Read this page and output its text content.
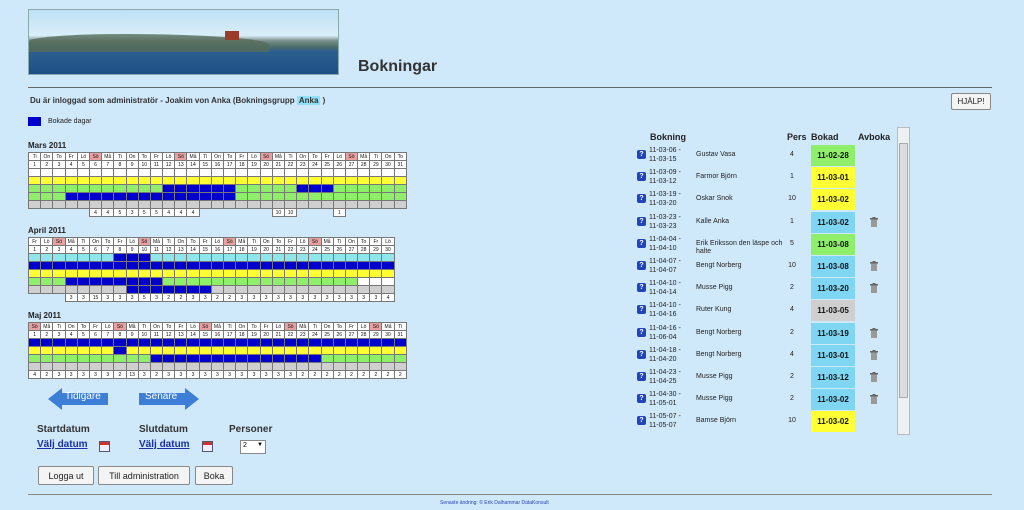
Bokningar
Du är inloggad som administratör - Joakim von Anka (Bokningsgrupp Anka )	HJÄLP!
Bokade dagar
Mars 2011
Ti	On	To	Fr	Lö	Sö	Må	Ti	On	To	Fr	Lö	Sö	Må	Ti	On	To	Fr	Lö	Sö	Må	Ti	On	To	Fr	Lö	Sö	Må	Ti	On	To
1	2	3	4	5	6	7	8	9	10	11	12	13	14	15	16	17	18	19	20	21	22	23	24	25	26	27	28	29	30	31

					4	4	5	3	5	5	4	4	4							10	10				1					
April 2011
Fr	Lö	Sö	Må	Ti	On	To	Fr	Lö	Sö	Må	Ti	On	To	Fr	Lö	Sö	Må	Ti	On	To	Fr	Lö	Sö	Må	Ti	On	To	Fr	Lö
1	2	3	4	5	6	7	8	9	10	11	12	13	14	15	16	17	18	19	20	21	22	23	24	25	26	27	28	29	30

			3	3	15	3	3	3	5	3	2	2	3	3	2	2	3	3	3	3	3	3	3	3	3	3	3	3	4
Maj 2011
Sö	Må	Ti	On	To	Fr	Lö	Sö	Må	Ti	On	To	Fr	Lö	Sö	Må	Ti	On	To	Fr	Lö	Sö	Må	Ti	On	To	Fr	Lö	Sö	Må	Ti
1	2	3	4	5	6	7	8	9	10	11	12	13	14	15	16	17	18	19	20	21	22	23	24	25	26	27	28	29	30	31

4	2	3	3	3	3	3	2	13	3	2	3	3	3	3	3	3	3	3	3	3	3	2	2	2	2	2	2	2	2	2
Tidigare	Senare
Startdatum	Slutdatum	Personer
Välj datum	Välj datum	2 ▼
Logga ut	Till administration	Boka
Bokning	Pers Bokad Avboka
?
11-03-06 -
11-03-15
Gustav Vasa	4	11-02-28
?
11-03-09 -
11-03-12
Farmor Björn	1	11-03-01
?
11-03-19 -
11-03-20
Oskar Snok	10	11-03-02
?
11-03-23 -
11-03-23
Kalle Anka	1	11-03-02
?
11-04-04 -
11-04-10
Erik Eriksson den läspe och halte
5	11-03-08
?
11-04-07 -
11-04-07
Bengt Norberg	10	11-03-08
?
11-04-10 -
11-04-14
Musse Pigg	2	11-03-20
?
11-04-10 -
11-04-16
Ruter Kung	4	11-03-05
?
11-04-16 -
11-06-04
Bengt Norberg	2	11-03-19
?
11-04-18 -
11-04-20
Bengt Norberg	4	11-03-01
?
11-04-23 -
11-04-25
Musse Pigg	2	11-03-12
?
11-04-30 -
11-05-01
Musse Pigg	2	11-03-02
?
11-05-07 -
11-05-07
Bamse Björn	10	11-03-02
Senaste ändring: © Erik Dalhammar DataKonsult
